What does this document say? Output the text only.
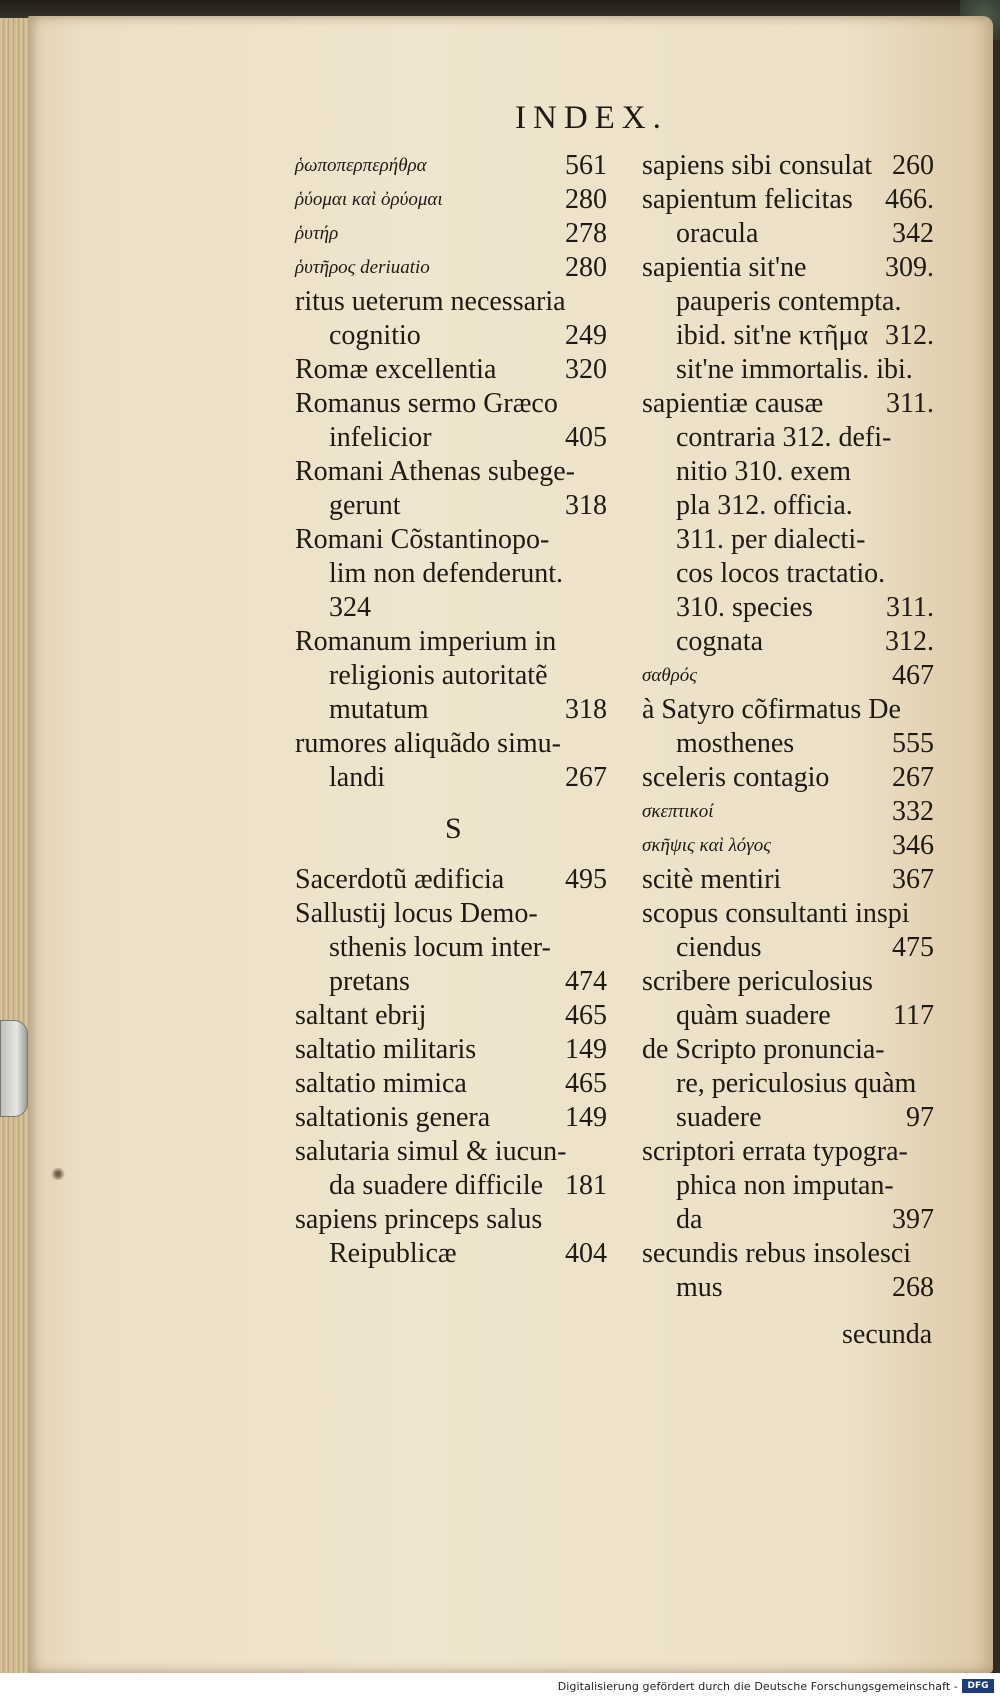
INDEX.
ῥωποπερπερήθρα	561
ῥύομαι καὶ ὀρύομαι	280
ῥυτήρ	278
ῥυτῆρος deriuatio	280
ritus ueterum necessaria
cognitio	249
Romæ excellentia 320
Romanus sermo Græco
infelicior	405
Romani Athenas subege-
gerunt	318
Romani Cõstantinopo-
lim non defenderunt.
324
Romanum imperium in
religionis autoritatẽ
mutatum	318
rumores aliquãdo simu-
landi	267
S
Sacerdotũ ædificia 495
Sallustij locus Demo-
sthenis locum inter-
pretans	474
saltant ebrij	465
saltatio militaris	149
saltatio mimica	465
saltationis genera	149
salutaria simul & iucun-
da suadere difficile 181
sapiens princeps salus
Reipublicæ	404
sapiens sibi consulat 260
sapientum felicitas 466.
oracula	342
sapientia sit'ne	309.
pauperis contempta.
ibid. sit'ne κτῆμα 312.
sit'ne immortalis. ibi.
sapientiæ causæ 311.
contraria 312. defi-
nitio 310. exem
pla 312. officia.
311. per dialecti-
cos locos tractatio.
310. species	311.
cognata	312.
σαθρός	467
à Satyro cõfirmatus De
mosthenes	555
sceleris contagio 267
σκεπτικοί	332
σκῆψις καὶ λόγος	346
scitè mentiri	367
scopus consultanti inspi
ciendus	475
scribere periculosius
quàm suadere 117
de Scripto pronuncia-
re, periculosius quàm
suadere	97
scriptori errata typogra-
phica non imputan-
da	397
secundis rebus insolesci
mus	268
secunda
Digitalisierung gefördert durch die Deutsche Forschungsgemeinschaft -	DFG
